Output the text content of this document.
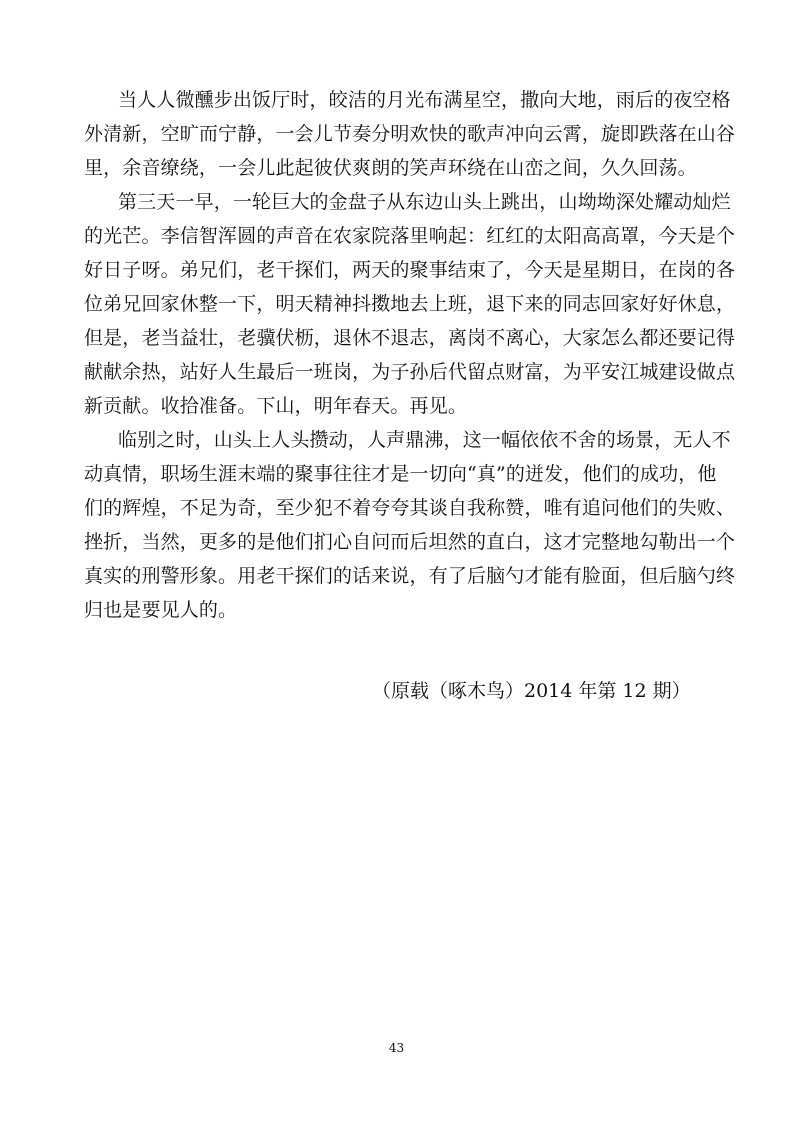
当人人微醺步出饭厅时，皎洁的月光布满星空，撒向大地，雨后的夜空格
外清新，空旷而宁静，一会儿节奏分明欢快的歌声冲向云霄，旋即跌落在山谷
里，余音缭绕，一会儿此起彼伏爽朗的笑声环绕在山峦之间，久久回荡。
第三天一早，一轮巨大的金盘子从东边山头上跳出，山坳坳深处耀动灿烂
的光芒。李信智浑圆的声音在农家院落里响起：红红的太阳高高罩，今天是个
好日子呀。弟兄们，老干探们，两天的聚事结束了，今天是星期日，在岗的各
位弟兄回家休整一下，明天精神抖擞地去上班，退下来的同志回家好好休息，
但是，老当益壮，老骥伏枥，退休不退志，离岗不离心，大家怎么都还要记得
献献余热，站好人生最后一班岗，为子孙后代留点财富，为平安江城建设做点
新贡献。收拾准备。下山，明年春天。再见。
临别之时，山头上人头攒动，人声鼎沸，这一幅依依不舍的场景，无人不
动真情，职场生涯末端的聚事往往才是一切向“真”的迸发，他们的成功，他
们的辉煌，不足为奇，至少犯不着夸夸其谈自我称赞，唯有追问他们的失败、
挫折，当然，更多的是他们扪心自问而后坦然的直白，这才完整地勾勒出一个
真实的刑警形象。用老干探们的话来说，有了后脑勺才能有脸面，但后脑勺终
归也是要见人的。
（原载（啄木鸟）2014 年第 12 期）
43
